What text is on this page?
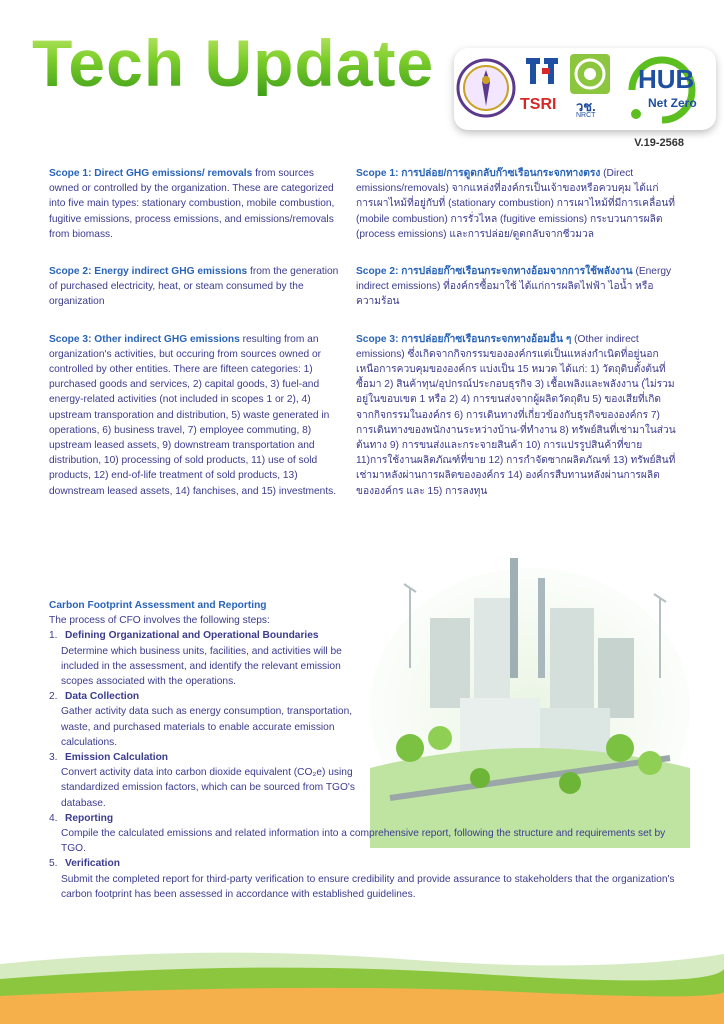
Tech Update
TSRI วช.
NRCT
HUB
Net Zero
V.19-2568

Scope 1: Direct GHG emissions/ removals from sources owned or controlled by the organization. These are categorized into five main types: stationary combustion, mobile combustion, fugitive emissions, process emissions, and emissions/removals from biomass.

Scope 2: Energy indirect GHG emissions from the generation of purchased electricity, heat, or steam consumed by the organization

Scope 3: Other indirect GHG emissions resulting from an organization's activities, but occuring from sources owned or controlled by other entities. There are fifteen categories: 1) purchased goods and services, 2) capital goods, 3) fuel-and energy-related activities (not included in scopes 1 or 2), 4) upstream transporation and distribution, 5) waste generated in operations, 6) business travel, 7) employee commuting, 8) upstream leased assets, 9) downstream transportation and distribution, 10) processing of sold products, 11) use of sold products, 12) end-of-life treatment of sold products, 13) downstream leased assets, 14) fanchises, and 15) investments.

Scope 1: การปล่อย/การดูดกลับก๊าซเรือนกระจกทางตรง (Direct emissions/removals) จากแหล่งที่องค์กรเป็นเจ้าของหรือควบคุม ได้แก่ การเผาไหม้ที่อยู่กับที่ (stationary combustion) การเผาไหม้ที่มีการเคลื่อนที่ (mobile combustion) การรั่วไหล (fugitive emissions) กระบวนการผลิต (process emissions) และการปล่อย/ดูดกลับจากชีวมวล

Scope 2: การปล่อยก๊าซเรือนกระจกทางอ้อมจากการใช้พลังงาน (Energy indirect emissions) ที่องค์กรซื้อมาใช้ ได้แก่การผลิตไฟฟ้า ไอน้ำ หรือความร้อน

Scope 3: การปล่อยก๊าซเรือนกระจกทางอ้อมอื่น ๆ (Other indirect emissions) ซึ่งเกิดจากกิจกรรมขององค์กรแต่เป็นแหล่งกำเนิดที่อยู่นอกเหนือการควบคุมขององค์กร แบ่งเป็น 15 หมวด ได้แก่: 1) วัตถุดิบตั้งต้นที่ซื้อมา 2) สินค้าทุน/อุปกรณ์ประกอบธุรกิจ 3) เชื้อเพลิงและพลังงาน (ไม่รวมอยู่ในขอบเขต 1 หรือ 2) 4) การขนส่งจากผู้ผลิตวัตถุดิบ 5) ของเสียที่เกิดจากกิจกรรมในองค์กร 6) การเดินทางที่เกี่ยวข้องกับธุรกิจขององค์กร 7) การเดินทางของพนักงานระหว่างบ้าน-ที่ทำงาน 8) ทรัพย์สินที่เช่ามาในส่วนต้นทาง 9) การขนส่งและกระจายสินค้า 10) การแปรรูปสินค้าที่ขาย 11)การใช้งานผลิตภัณฑ์ที่ขาย 12) การกำจัดซากผลิตภัณฑ์ 13) ทรัพย์สินที่เช่ามาหลังผ่านการผลิตขององค์กร 14) องค์กรสืบทานหลังผ่านการผลิตขององค์กร และ 15) การลงทุน

Carbon Footprint Assessment and Reporting
The process of CFO involves the following steps:
1. Defining Organizational and Operational Boundaries
Determine which business units, facilities, and activities will be included in the assessment, and identify the relevant emission scopes associated with the operations.
2. Data Collection
Gather activity data such as energy consumption, transportation, waste, and purchased materials to enable accurate emission calculations.
3. Emission Calculation
Convert activity data into carbon dioxide equivalent (CO₂e) using standardized emission factors, which can be sourced from TGO's database.
4. Reporting
Compile the calculated emissions and related information into a comprehensive report, following the structure and requirements set by TGO.
5. Verification
Submit the completed report for third-party verification to ensure credibility and provide assurance to stakeholders that the organization's carbon footprint has been assessed in accordance with established guidelines.
